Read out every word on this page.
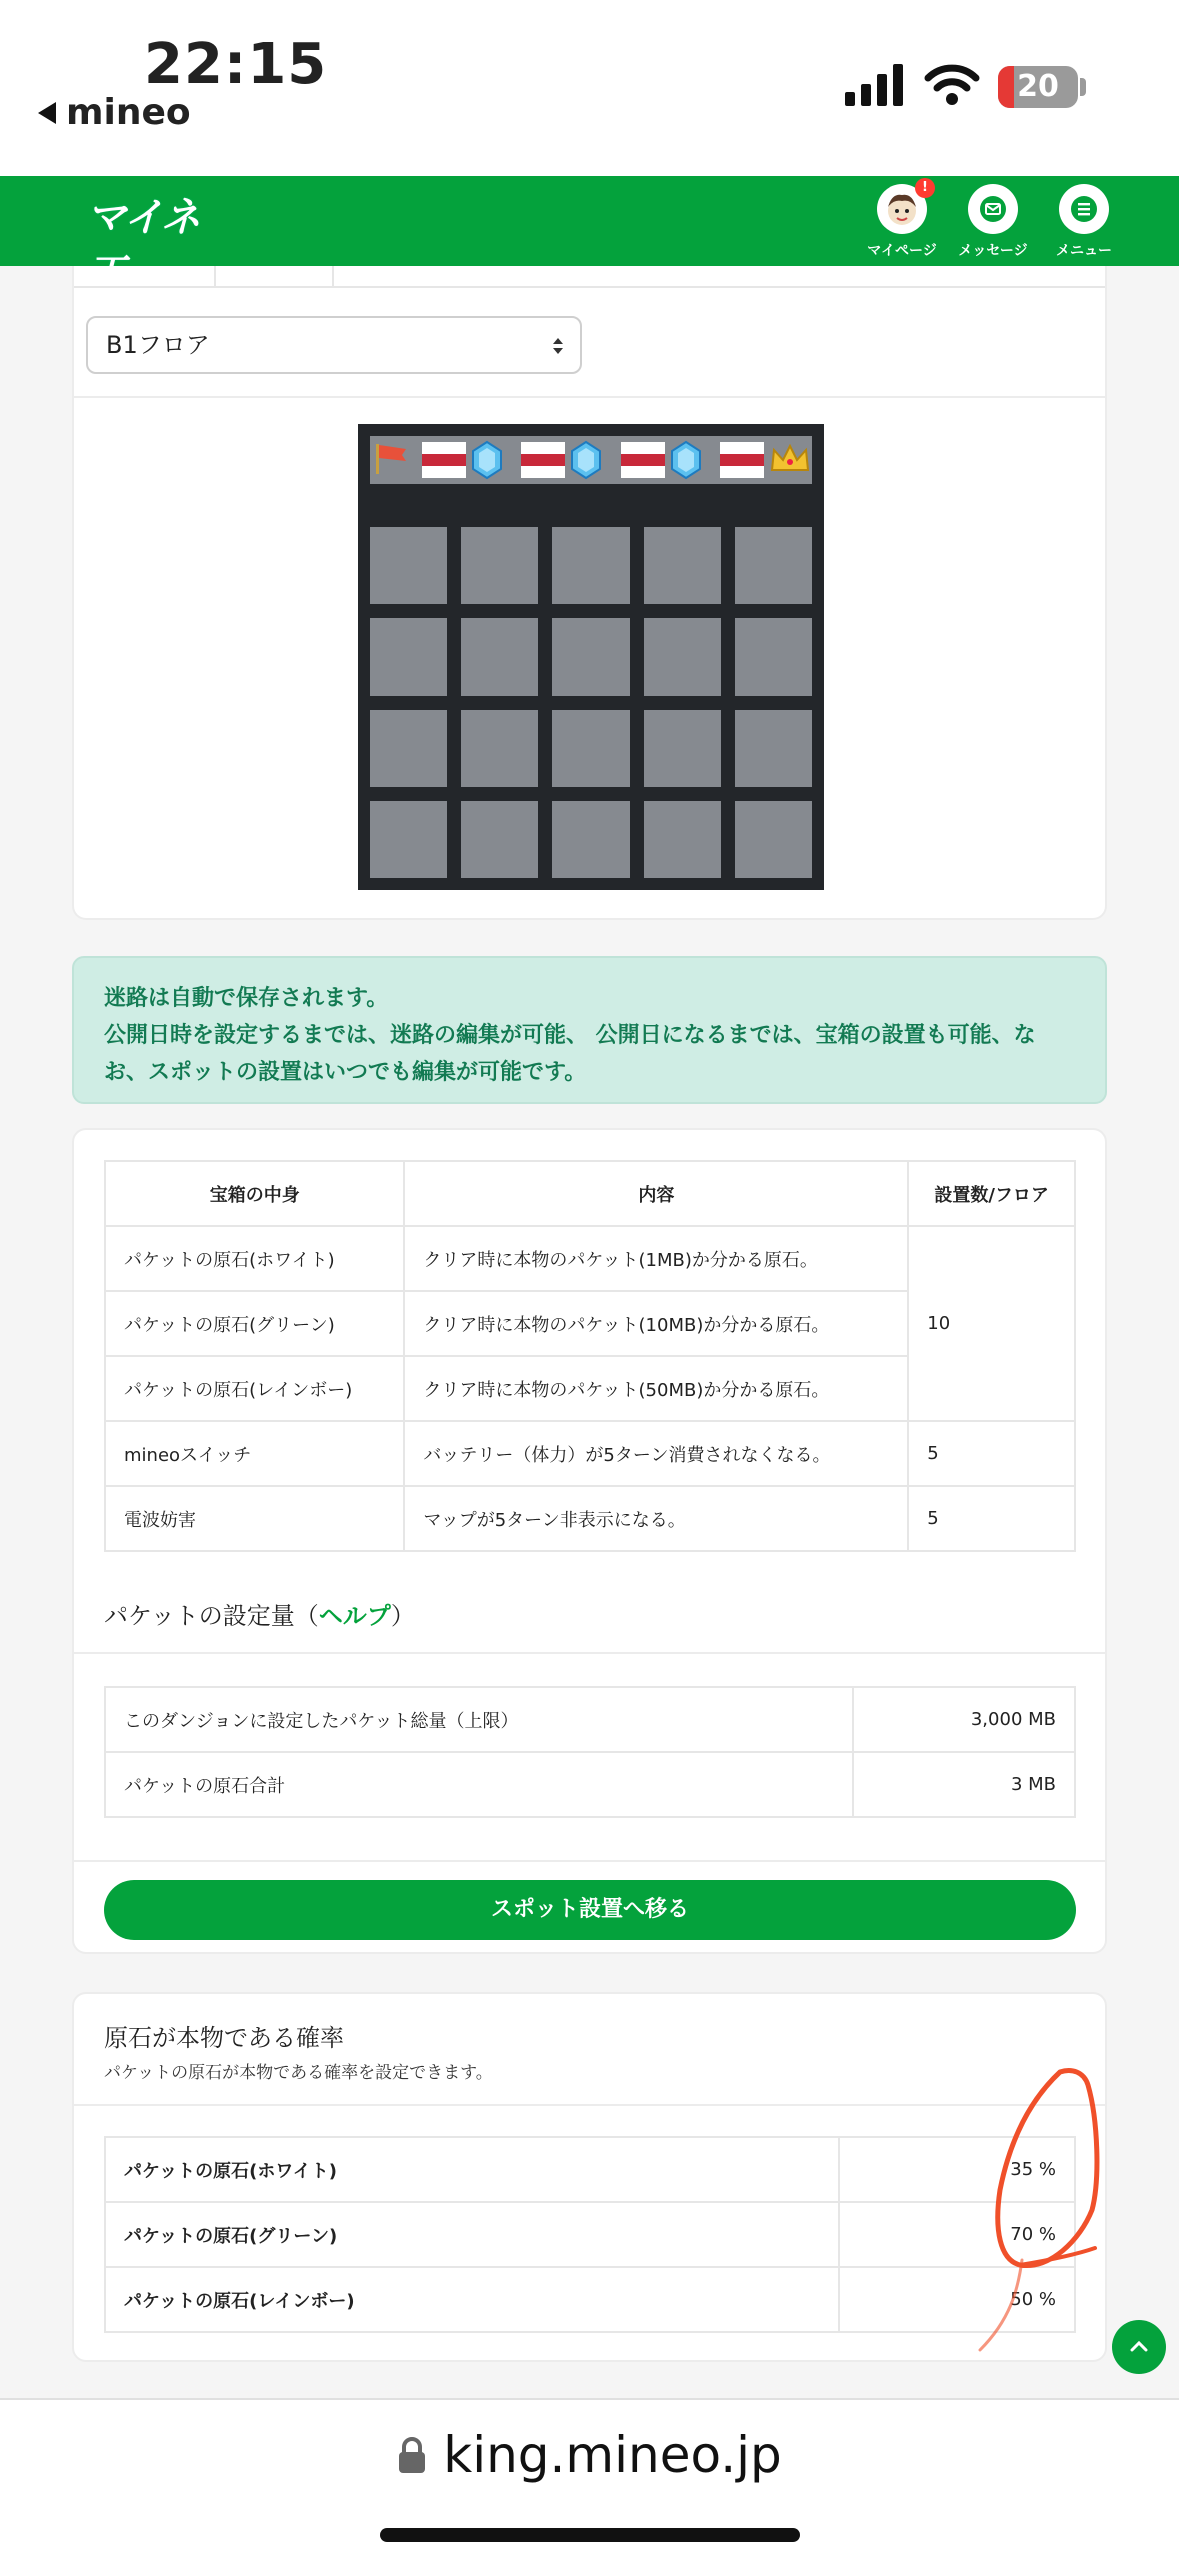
22:15
mineo
20
マイネ
!
マイページ	メッセージ	メニュー
B1フロア
迷路は自動で保存されます。
公開日時を設定するまでは、迷路の編集が可能、 公開日になるまでは、宝箱の設置も可能、なお、スポットの設置はいつでも編集が可能です。
宝箱の中身	内容	設置数/フロア
パケットの原石(ホワイト)	クリア時に本物のパケット(1MB)か分かる原石。	10
パケットの原石(グリーン)	クリア時に本物のパケット(10MB)か分かる原石。	
パケットの原石(レインボー)	クリア時に本物のパケット(50MB)か分かる原石。	
mineoスイッチ	バッテリー（体力）が5ターン消費されなくなる。	5
電波妨害	マップが5ターン非表示になる。	5
パケットの設定量（ヘルプ）
このダンジョンに設定したパケット総量（上限）	3,000 MB
パケットの原石合計	3 MB
スポット設置へ移る
原石が本物である確率
パケットの原石が本物である確率を設定できます。
パケットの原石(ホワイト)	35 %
パケットの原石(グリーン)	70 %
パケットの原石(レインボー)	50 %
king.mineo.jp
